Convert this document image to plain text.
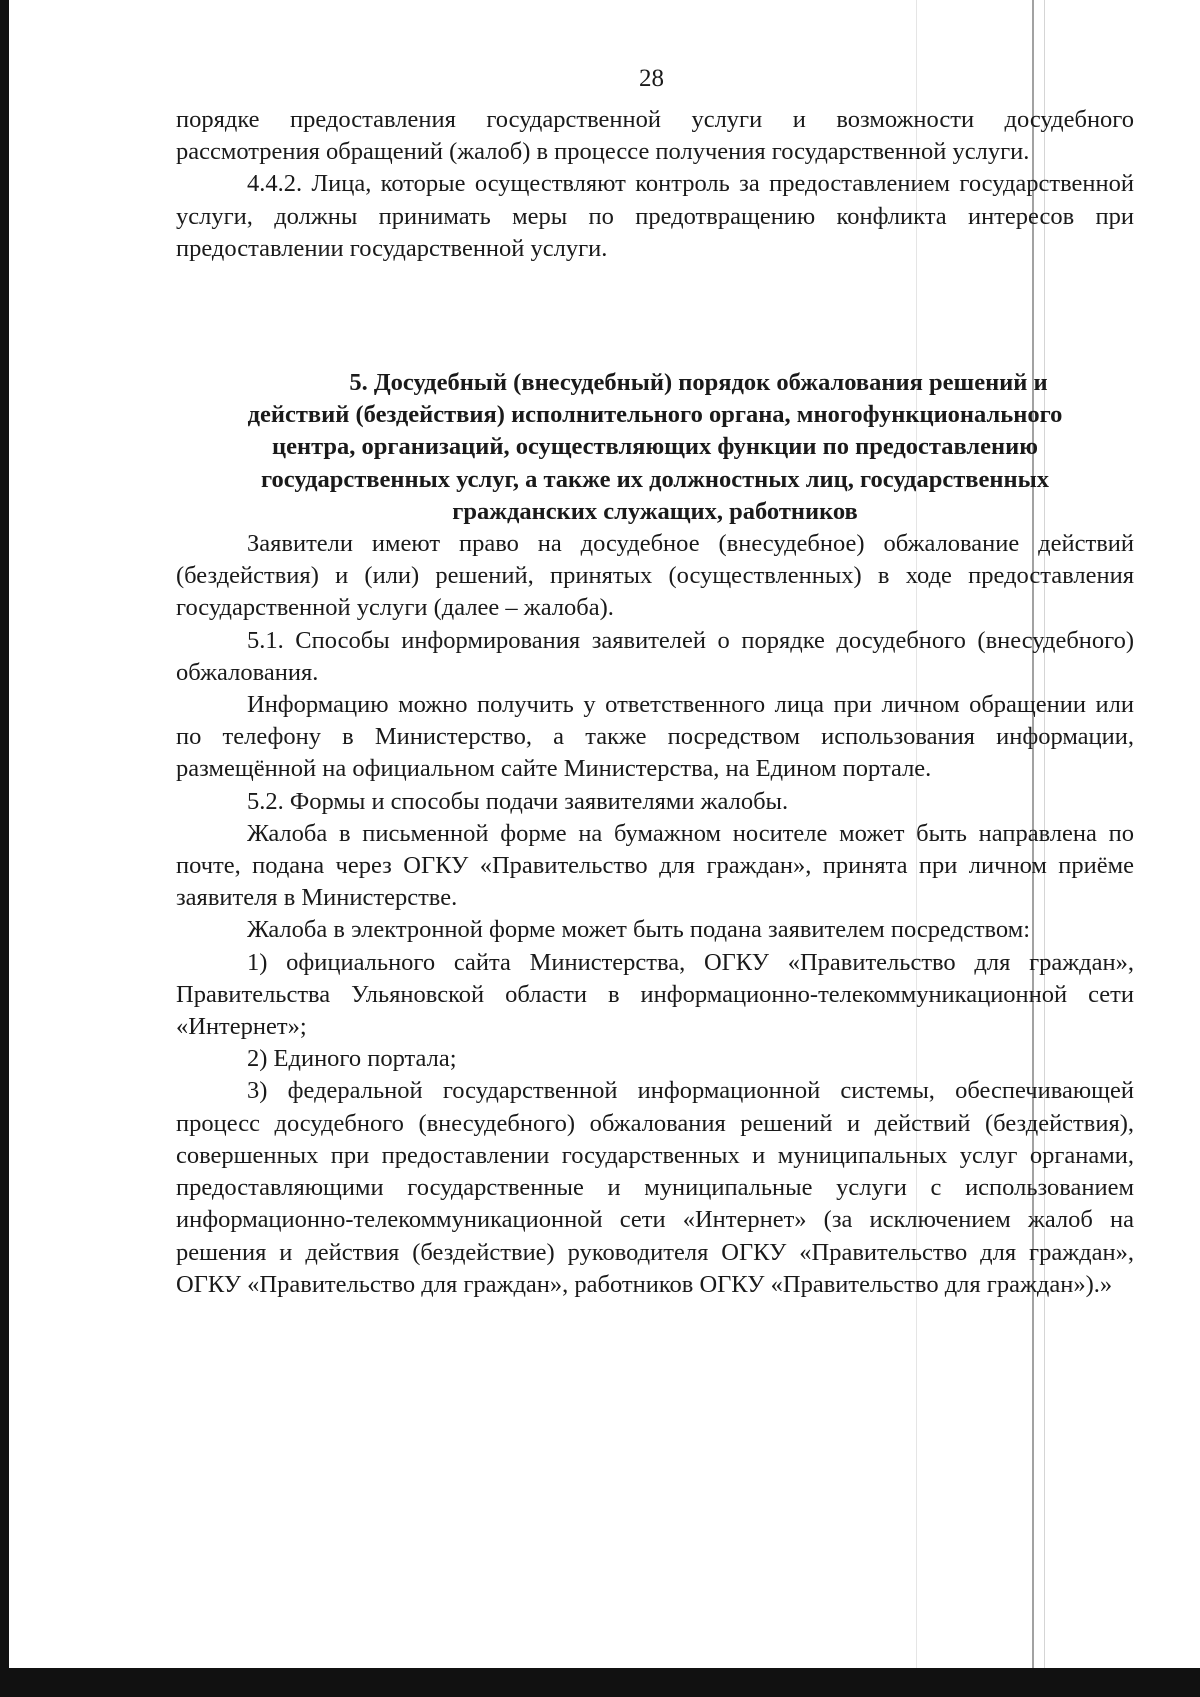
28

порядке предоставления государственной услуги и возможности досудебного рассмотрения обращений (жалоб) в процессе получения государственной услуги.

4.4.2. Лица, которые осуществляют контроль за предоставлением государственной услуги, должны принимать меры по предотвращению конфликта интересов при предоставлении государственной услуги.

5. Досудебный (внесудебный) порядок обжалования решений и

действий (бездействия) исполнительного органа, многофункционального

центра, организаций, осуществляющих функции по предоставлению

государственных услуг, а также их должностных лиц, государственных

гражданских служащих, работников

Заявители имеют право на досудебное (внесудебное) обжалование действий (бездействия) и (или) решений, принятых (осуществленных) в ходе предоставления государственной услуги (далее – жалоба).

5.1. Способы информирования заявителей о порядке досудебного (внесудебного) обжалования.

Информацию можно получить у ответственного лица при личном обращении или по телефону в Министерство, а также посредством использования информации, размещённой на официальном сайте Министерства, на Едином портале.

5.2. Формы и способы подачи заявителями жалобы.

Жалоба в письменной форме на бумажном носителе может быть направлена по почте, подана через ОГКУ «Правительство для граждан», принята при личном приёме заявителя в Министерстве.

Жалоба в электронной форме может быть подана заявителем посредством:

1) официального сайта Министерства, ОГКУ «Правительство для граждан», Правительства Ульяновской области в информационно-телекоммуникационной сети «Интернет»;

2) Единого портала;

3) федеральной государственной информационной системы, обеспечивающей процесс досудебного (внесудебного) обжалования решений и действий (бездействия), совершенных при предоставлении государственных и муниципальных услуг органами, предоставляющими государственные и муниципальные услуги с использованием информационно-телекоммуникационной сети «Интернет» (за исключением жалоб на решения и действия (бездействие) руководителя ОГКУ «Правительство для граждан», ОГКУ «Правительство для граждан», работников ОГКУ «Правительство для граждан»).»
